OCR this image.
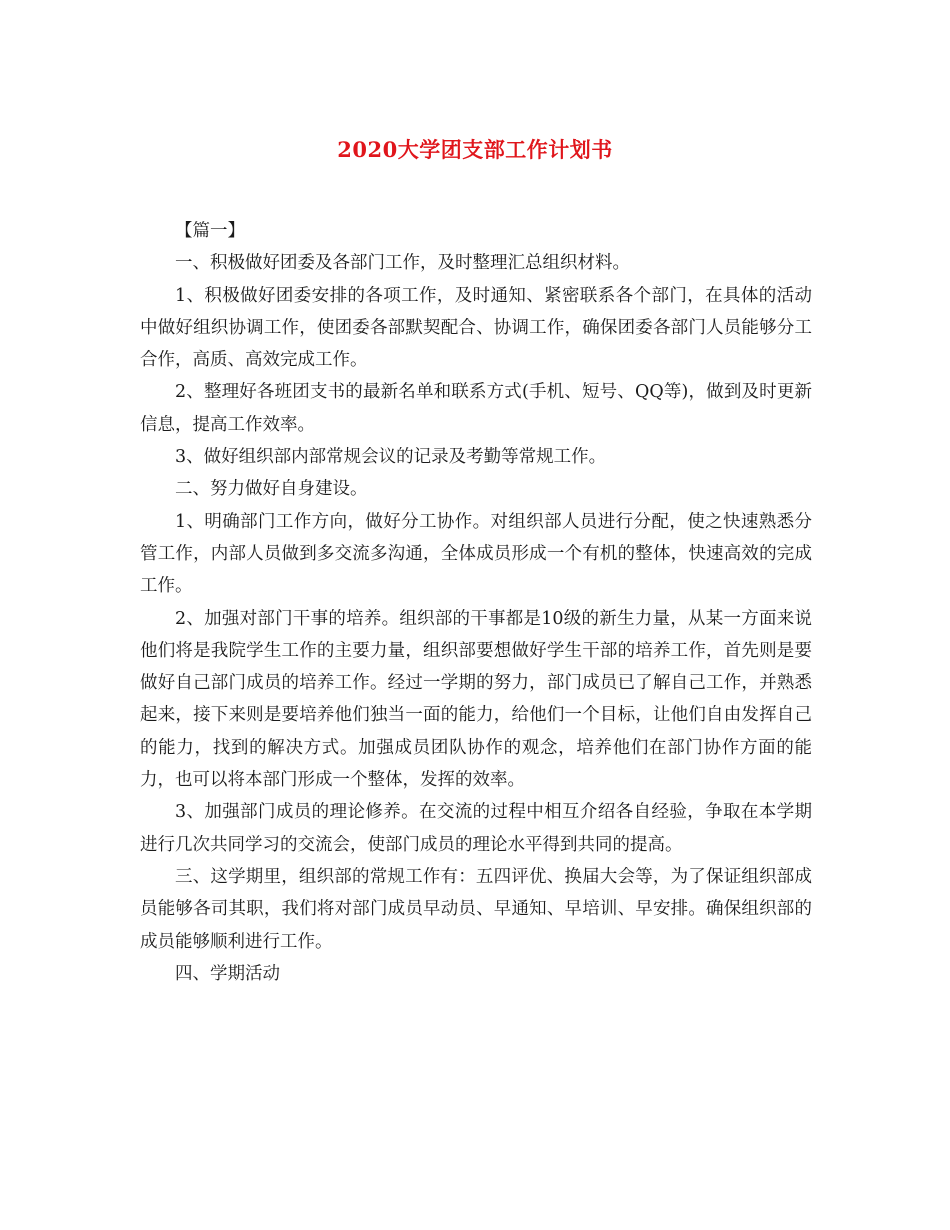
2020大学团支部工作计划书

【篇一】

一、积极做好团委及各部门工作，及时整理汇总组织材料。

1、积极做好团委安排的各项工作，及时通知、紧密联系各个部门，在具体的活动中做好组织协调工作，使团委各部默契配合、协调工作，确保团委各部门人员能够分工合作，高质、高效完成工作。

2、整理好各班团支书的最新名单和联系方式(手机、短号、QQ等)，做到及时更新信息，提高工作效率。

3、做好组织部内部常规会议的记录及考勤等常规工作。

二、努力做好自身建设。

1、明确部门工作方向，做好分工协作。对组织部人员进行分配，使之快速熟悉分管工作，内部人员做到多交流多沟通，全体成员形成一个有机的整体，快速高效的完成工作。

2、加强对部门干事的培养。组织部的干事都是10级的新生力量，从某一方面来说他们将是我院学生工作的主要力量，组织部要想做好学生干部的培养工作，首先则是要做好自己部门成员的培养工作。经过一学期的努力，部门成员已了解自己工作，并熟悉起来，接下来则是要培养他们独当一面的能力，给他们一个目标，让他们自由发挥自己的能力，找到的解决方式。加强成员团队协作的观念，培养他们在部门协作方面的能力，也可以将本部门形成一个整体，发挥的效率。

3、加强部门成员的理论修养。在交流的过程中相互介绍各自经验，争取在本学期进行几次共同学习的交流会，使部门成员的理论水平得到共同的提高。

三、这学期里，组织部的常规工作有：五四评优、换届大会等，为了保证组织部成员能够各司其职，我们将对部门成员早动员、早通知、早培训、早安排。确保组织部的成员能够顺利进行工作。

四、学期活动
